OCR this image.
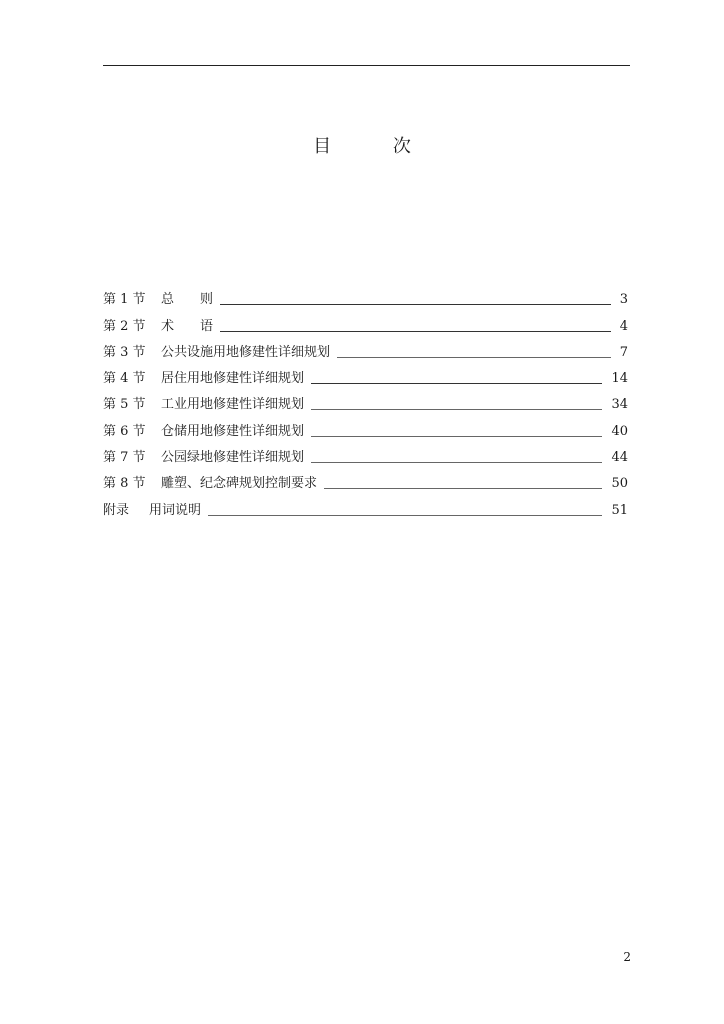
目 次
第 1 节	总　　则	3
第 2 节	术　　语	4
第 3 节	公共设施用地修建性详细规划	7
第 4 节	居住用地修建性详细规划	14
第 5 节	工业用地修建性详细规划	34
第 6 节	仓储用地修建性详细规划	40
第 7 节	公园绿地修建性详细规划	44
第 8 节	雕塑、纪念碑规划控制要求	50
附录	用词说明	51
2
